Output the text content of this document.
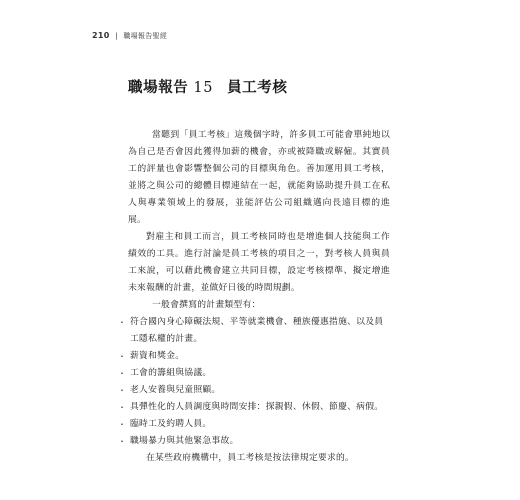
210 | 職場報告聖經
職場報告 15 員工考核

當聽到「員工考核」這幾個字時，許多員工可能會單純地以為自己是否會因此獲得加薪的機會，亦或被降職或解僱。其實員工的評量也會影響整個公司的目標與角色。善加運用員工考核，並將之與公司的總體目標連結在一起，就能夠協助提升員工在私人與專業領域上的發展，並能評估公司組織邁向長遠目標的進展。

對雇主和員工而言，員工考核同時也是增進個人技能與工作績效的工具。進行討論是員工考核的項目之一，對考核人員與員工來說，可以藉此機會建立共同目標，設定考核標準、擬定增進未來報酬的計畫，並做好日後的時間規劃。

一般會撰寫的計畫類型有：

・ 符合國內身心障礙法規、平等就業機會、種族優惠措施、以及員工隱私權的計畫。
・ 薪資和獎金。
・ 工會的籌組與協議。
・ 老人安養與兒童照顧。
・ 具彈性化的人員調度與時間安排：探親假、休假、節慶、病假。
・ 臨時工及約聘人員。
・ 職場暴力與其他緊急事故。

在某些政府機構中，員工考核是按法律規定要求的。
